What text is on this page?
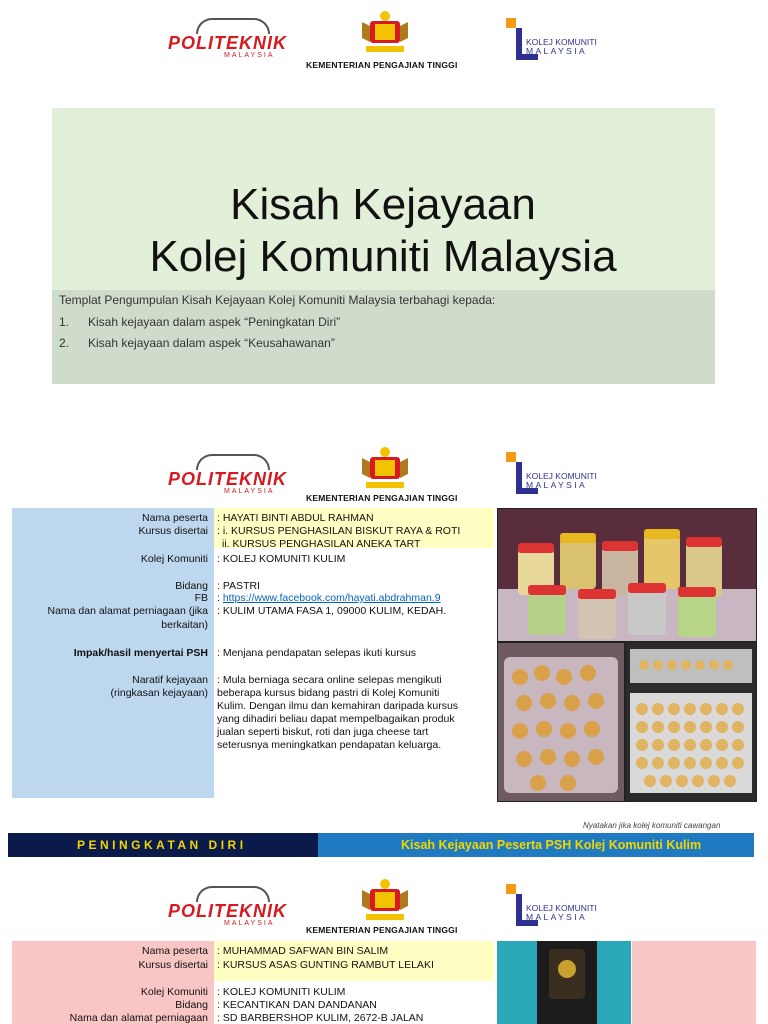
POLITEKNIK
MALAYSIA
KEMENTERIAN PENGAJIAN TINGGI
KOLEJ KOMUNITI
MALAYSIA
Kisah Kejayaan
Kolej Komuniti Malaysia
Templat Pengumpulan Kisah Kejayaan Kolej Komuniti Malaysia terbahagi kepada:
1. Kisah kejayaan dalam aspek “Peningkatan Diri”
2. Kisah kejayaan dalam aspek “Keusahawanan”
POLITEKNIK
MALAYSIA
KEMENTERIAN PENGAJIAN TINGGI
KOLEJ KOMUNITI
MALAYSIA
Nama peserta
Kursus disertai
Kolej Komuniti
Bidang
FB
Nama dan alamat perniagaan (jika
berkaitan)
Impak/hasil menyertai PSH
Naratif kejayaan
(ringkasan kejayaan)
: HAYATI BINTI ABDUL RAHMAN
: i. KURSUS PENGHASILAN BISKUT RAYA & ROTI
ii. KURSUS PENGHASILAN ANEKA TART
: KOLEJ KOMUNITI KULIM
: PASTRI
: https://www.facebook.com/hayati.abdrahman.9
: KULIM UTAMA FASA 1, 09000 KULIM, KEDAH.
: Menjana pendapatan selepas ikuti kursus
: Mula berniaga secara online selepas mengikuti
beberapa kursus bidang pastri di Kolej Komuniti
Kulim. Dengan ilmu dan kemahiran daripada kursus
yang dihadiri beliau dapat mempelbagaikan produk
jualan seperti biskut, roti dan juga cheese tart
seterusnya meningkatkan pendapatan keluarga.
Nyatakan jika kolej komuniti cawangan
PENINGKATAN DIRI	Kisah Kejayaan Peserta PSH Kolej Komuniti Kulim
POLITEKNIK
MALAYSIA
KEMENTERIAN PENGAJIAN TINGGI
KOLEJ KOMUNITI
MALAYSIA
Nama peserta
Kursus disertai
Kolej Komuniti
Bidang
Nama dan alamat perniagaan
: MUHAMMAD SAFWAN BIN SALIM
: KURSUS ASAS GUNTING RAMBUT LELAKI
: KOLEJ KOMUNITI KULIM
: KECANTIKAN DAN DANDANAN
: SD BARBERSHOP KULIM, 2672-B JALAN
